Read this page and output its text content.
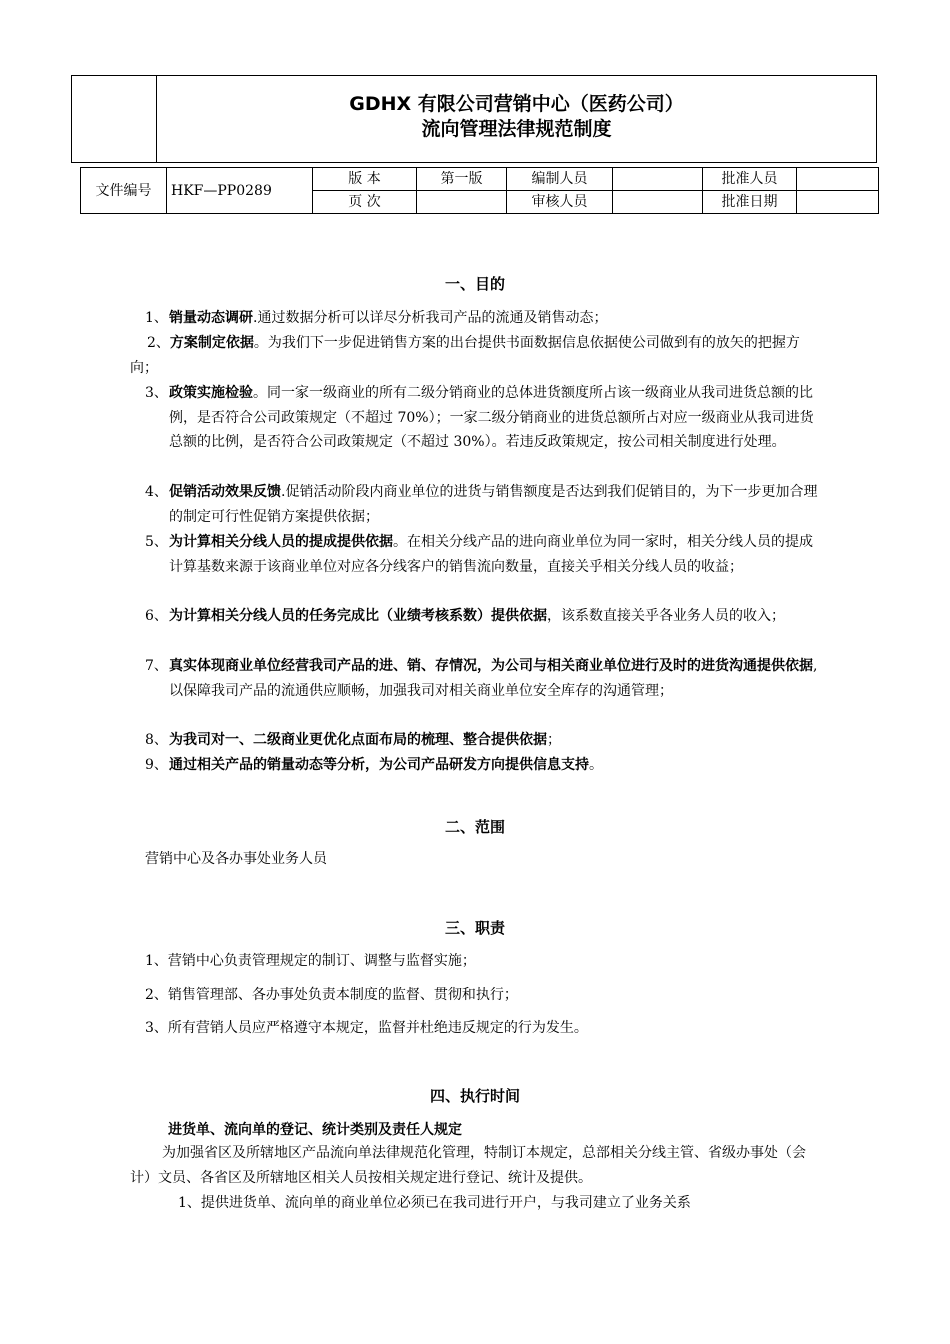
GDHX 有限公司营销中心（医药公司）
流向管理法律规范制度
文件编号	HKF—PP0289	版 本	第一版	编制人员		批准人员	
		页 次		审核人员		批准日期	
一、目的
1、 销量动态调研.通过数据分析可以详尽分析我司产品的流通及销售动态；
2、方案制定依据。为我们下一步促进销售方案的出台提供书面数据信息依据使公司做到有的放矢的把握方向；
3、 政策实施检验。同一家一级商业的所有二级分销商业的总体进货额度所占该一级商业从我司进货总额的比例，是否符合公司政策规定（不超过 70%）；一家二级分销商业的进货总额所占对应一级商业从我司进货总额的比例，是否符合公司政策规定（不超过 30%）。若违反政策规定，按公司相关制度进行处理。
4、 促销活动效果反馈.促销活动阶段内商业单位的进货与销售额度是否达到我们促销目的，为下一步更加合理的制定可行性促销方案提供依据；
5、 为计算相关分线人员的提成提供依据。在相关分线产品的进向商业单位为同一家时，相关分线人员的提成计算基数来源于该商业单位对应各分线客户的销售流向数量，直接关乎相关分线人员的收益；
6、 为计算相关分线人员的任务完成比（业绩考核系数）提供依据，该系数直接关乎各业务人员的收入；
7、 真实体现商业单位经营我司产品的进、销、存情况，为公司与相关商业单位进行及时的进货沟通提供依据,以保障我司产品的流通供应顺畅，加强我司对相关商业单位安全库存的沟通管理；
8、 为我司对一、二级商业更优化点面布局的梳理、整合提供依据；
9、 通过相关产品的销量动态等分析，为公司产品研发方向提供信息支持。
二、范围
营销中心及各办事处业务人员
三、职责
1、营销中心负责管理规定的制订、调整与监督实施；
2、销售管理部、各办事处负责本制度的监督、贯彻和执行；
3、所有营销人员应严格遵守本规定，监督并杜绝违反规定的行为发生。
四、执行时间
进货单、流向单的登记、统计类别及责任人规定
为加强省区及所辖地区产品流向单法律规范化管理，特制订本规定，总部相关分线主管、省级办事处（会计）文员、各省区及所辖地区相关人员按相关规定进行登记、统计及提供。
1、提供进货单、流向单的商业单位必须已在我司进行开户，与我司建立了业务关系
